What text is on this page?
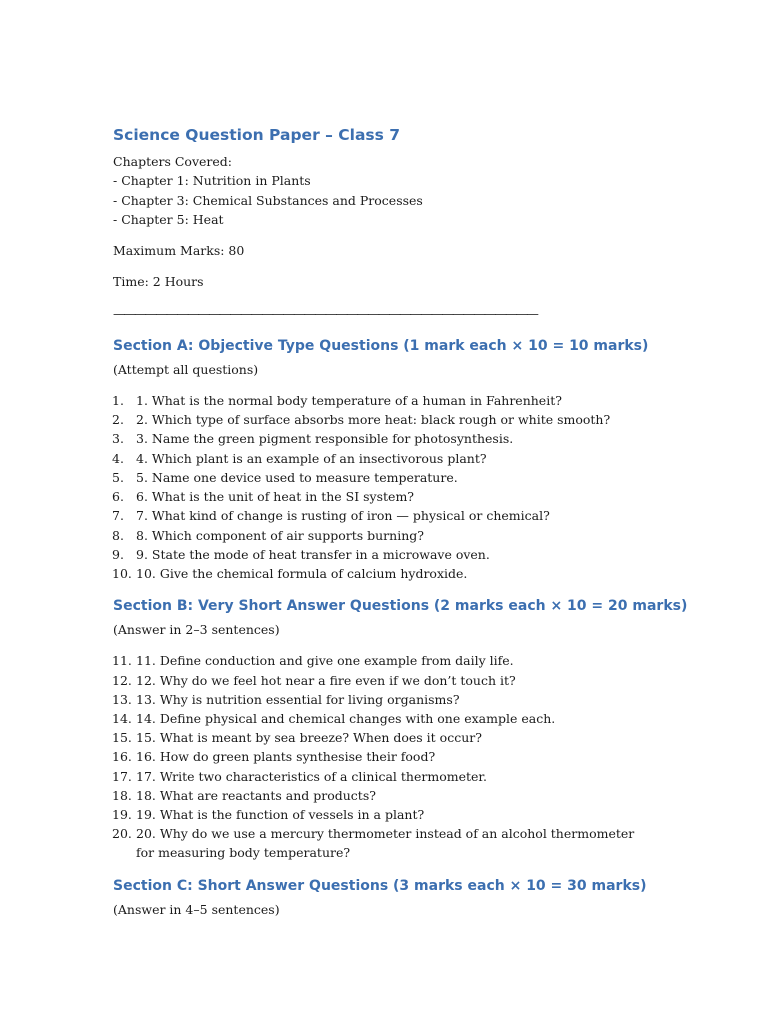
Science Question Paper – Class 7

Chapters Covered:

- Chapter 1: Nutrition in Plants

- Chapter 3: Chemical Substances and Processes

- Chapter 5: Heat

Maximum Marks: 80

Time: 2 Hours

————————————————————————————————————————

Section A: Objective Type Questions (1 mark each × 10 = 10 marks)

(Attempt all questions)

1. 1. What is the normal body temperature of a human in Fahrenheit?
2. 2. Which type of surface absorbs more heat: black rough or white smooth?
3. 3. Name the green pigment responsible for photosynthesis.
4. 4. Which plant is an example of an insectivorous plant?
5. 5. Name one device used to measure temperature.
6. 6. What is the unit of heat in the SI system?
7. 7. What kind of change is rusting of iron — physical or chemical?
8. 8. Which component of air supports burning?
9. 9. State the mode of heat transfer in a microwave oven.
10. 10. Give the chemical formula of calcium hydroxide.
Section B: Very Short Answer Questions (2 marks each × 10 = 20 marks)

(Answer in 2–3 sentences)

11. 11. Define conduction and give one example from daily life.
12. 12. Why do we feel hot near a fire even if we don’t touch it?
13. 13. Why is nutrition essential for living organisms?
14. 14. Define physical and chemical changes with one example each.
15. 15. What is meant by sea breeze? When does it occur?
16. 16. How do green plants synthesise their food?
17. 17. Write two characteristics of a clinical thermometer.
18. 18. What are reactants and products?
19. 19. What is the function of vessels in a plant?
20. 20. Why do we use a mercury thermometer instead of an alcohol thermometer for measuring body temperature?
Section C: Short Answer Questions (3 marks each × 10 = 30 marks)

(Answer in 4–5 sentences)
